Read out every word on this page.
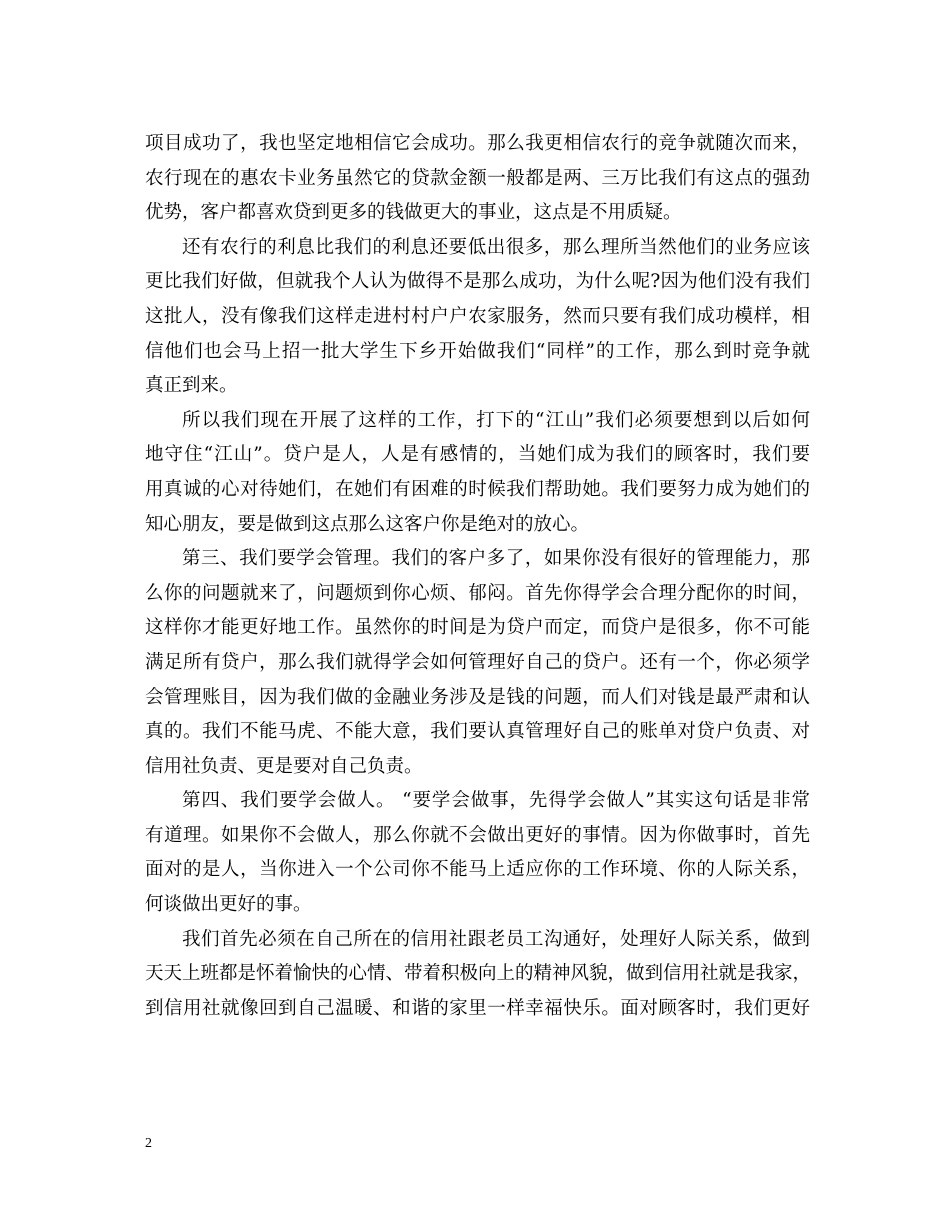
项目成功了，我也坚定地相信它会成功。那么我更相信农行的竞争就随次而来，
农行现在的惠农卡业务虽然它的贷款金额一般都是两、三万比我们有这点的强劲
优势，客户都喜欢贷到更多的钱做更大的事业，这点是不用质疑。
还有农行的利息比我们的利息还要低出很多，那么理所当然他们的业务应该
更比我们好做，但就我个人认为做得不是那么成功，为什么呢?因为他们没有我们
这批人，没有像我们这样走进村村户户农家服务，然而只要有我们成功模样，相
信他们也会马上招一批大学生下乡开始做我们“同样”的工作，那么到时竞争就
真正到来。
所以我们现在开展了这样的工作，打下的“江山”我们必须要想到以后如何
地守住“江山”。贷户是人，人是有感情的，当她们成为我们的顾客时，我们要
用真诚的心对待她们，在她们有困难的时候我们帮助她。我们要努力成为她们的
知心朋友，要是做到这点那么这客户你是绝对的放心。
第三、我们要学会管理。我们的客户多了，如果你没有很好的管理能力，那
么你的问题就来了，问题烦到你心烦、郁闷。首先你得学会合理分配你的时间，
这样你才能更好地工作。虽然你的时间是为贷户而定，而贷户是很多，你不可能
满足所有贷户，那么我们就得学会如何管理好自己的贷户。还有一个，你必须学
会管理账目，因为我们做的金融业务涉及是钱的问题，而人们对钱是最严肃和认
真的。我们不能马虎、不能大意，我们要认真管理好自己的账单对贷户负责、对
信用社负责、更是要对自己负责。
第四、我们要学会做人。 “要学会做事，先得学会做人”其实这句话是非常
有道理。如果你不会做人，那么你就不会做出更好的事情。因为你做事时，首先
面对的是人，当你进入一个公司你不能马上适应你的工作环境、你的人际关系，
何谈做出更好的事。
我们首先必须在自己所在的信用社跟老员工沟通好，处理好人际关系，做到
天天上班都是怀着愉快的心情、带着积极向上的精神风貌，做到信用社就是我家，
到信用社就像回到自己温暖、和谐的家里一样幸福快乐。面对顾客时，我们更好
2
